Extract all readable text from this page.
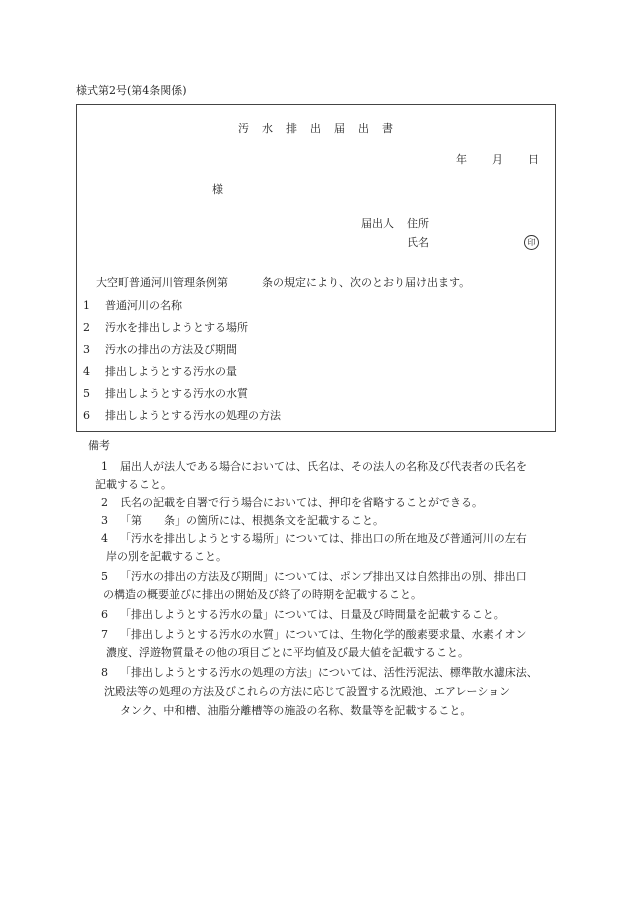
様式第2号(第4条関係)
汚 水 排 出 届 出 書
年 月 日
様
届出人 住所
氏名	印
大空町普通河川管理条例第	条の規定により、次のとおり届け出ます。
1 普通河川の名称
2 汚水を排出しようとする場所
3 汚水の排出の方法及び期間
4 排出しようとする汚水の量
5 排出しようとする汚水の水質
6 排出しようとする汚水の処理の方法
備考
1 届出人が法人である場合においては、氏名は、その法人の名称及び代表者の氏名を
記載すること。
2 氏名の記載を自署で行う場合においては、押印を省略することができる。
3 「第　　条」の箇所には、根拠条文を記載すること。
4 「汚水を排出しようとする場所」については、排出口の所在地及び普通河川の左右
岸の別を記載すること。
5 「汚水の排出の方法及び期間」については、ポンプ排出又は自然排出の別、排出口
の構造の概要並びに排出の開始及び終了の時期を記載すること。
6 「排出しようとする汚水の量」については、日量及び時間量を記載すること。
7 「排出しようとする汚水の水質」については、生物化学的酸素要求量、水素イオン
濃度、浮遊物質量その他の項目ごとに平均値及び最大値を記載すること。
8 「排出しようとする汚水の処理の方法」については、活性汚泥法、標準散水濾床法、
沈殿法等の処理の方法及びこれらの方法に応じて設置する沈殿池、エアレーション
タンク、中和槽、油脂分離槽等の施設の名称、数量等を記載すること。
